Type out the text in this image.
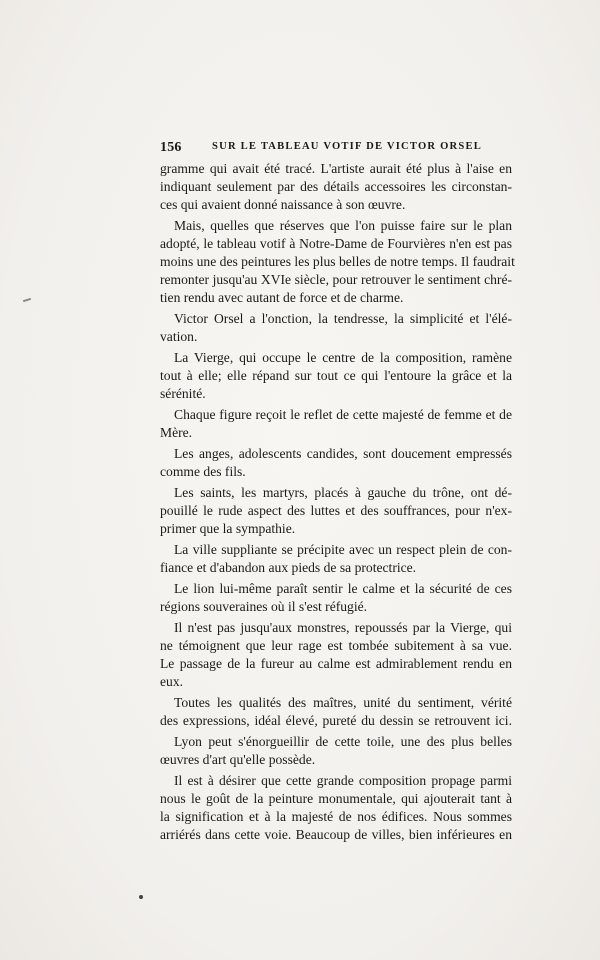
156	SUR LE TABLEAU VOTIF DE VICTOR ORSEL
gramme qui avait été tracé. L'artiste aurait été plus à l'aise en
indiquant seulement par des détails accessoires les circonstan-
ces qui avaient donné naissance à son œuvre.
Mais, quelles que réserves que l'on puisse faire sur le plan
adopté, le tableau votif à Notre-Dame de Fourvières n'en est pas
moins une des peintures les plus belles de notre temps. Il faudrait
remonter jusqu'au XVIe siècle, pour retrouver le sentiment chré-
tien rendu avec autant de force et de charme.
Victor Orsel a l'onction, la tendresse, la simplicité et l'élé-
vation.
La Vierge, qui occupe le centre de la composition, ramène
tout à elle; elle répand sur tout ce qui l'entoure la grâce et la
sérénité.
Chaque figure reçoit le reflet de cette majesté de femme et de
Mère.
Les anges, adolescents candides, sont doucement empressés
comme des fils.
Les saints, les martyrs, placés à gauche du trône, ont dé-
pouillé le rude aspect des luttes et des souffrances, pour n'ex-
primer que la sympathie.
La ville suppliante se précipite avec un respect plein de con-
fiance et d'abandon aux pieds de sa protectrice.
Le lion lui-même paraît sentir le calme et la sécurité de ces
régions souveraines où il s'est réfugié.
Il n'est pas jusqu'aux monstres, repoussés par la Vierge, qui
ne témoignent que leur rage est tombée subitement à sa vue.
Le passage de la fureur au calme est admirablement rendu en
eux.
Toutes les qualités des maîtres, unité du sentiment, vérité
des expressions, idéal élevé, pureté du dessin se retrouvent ici.
Lyon peut s'énorgueillir de cette toile, une des plus belles
œuvres d'art qu'elle possède.
Il est à désirer que cette grande composition propage parmi
nous le goût de la peinture monumentale, qui ajouterait tant à
la signification et à la majesté de nos édifices. Nous sommes
arriérés dans cette voie. Beaucoup de villes, bien inférieures en
